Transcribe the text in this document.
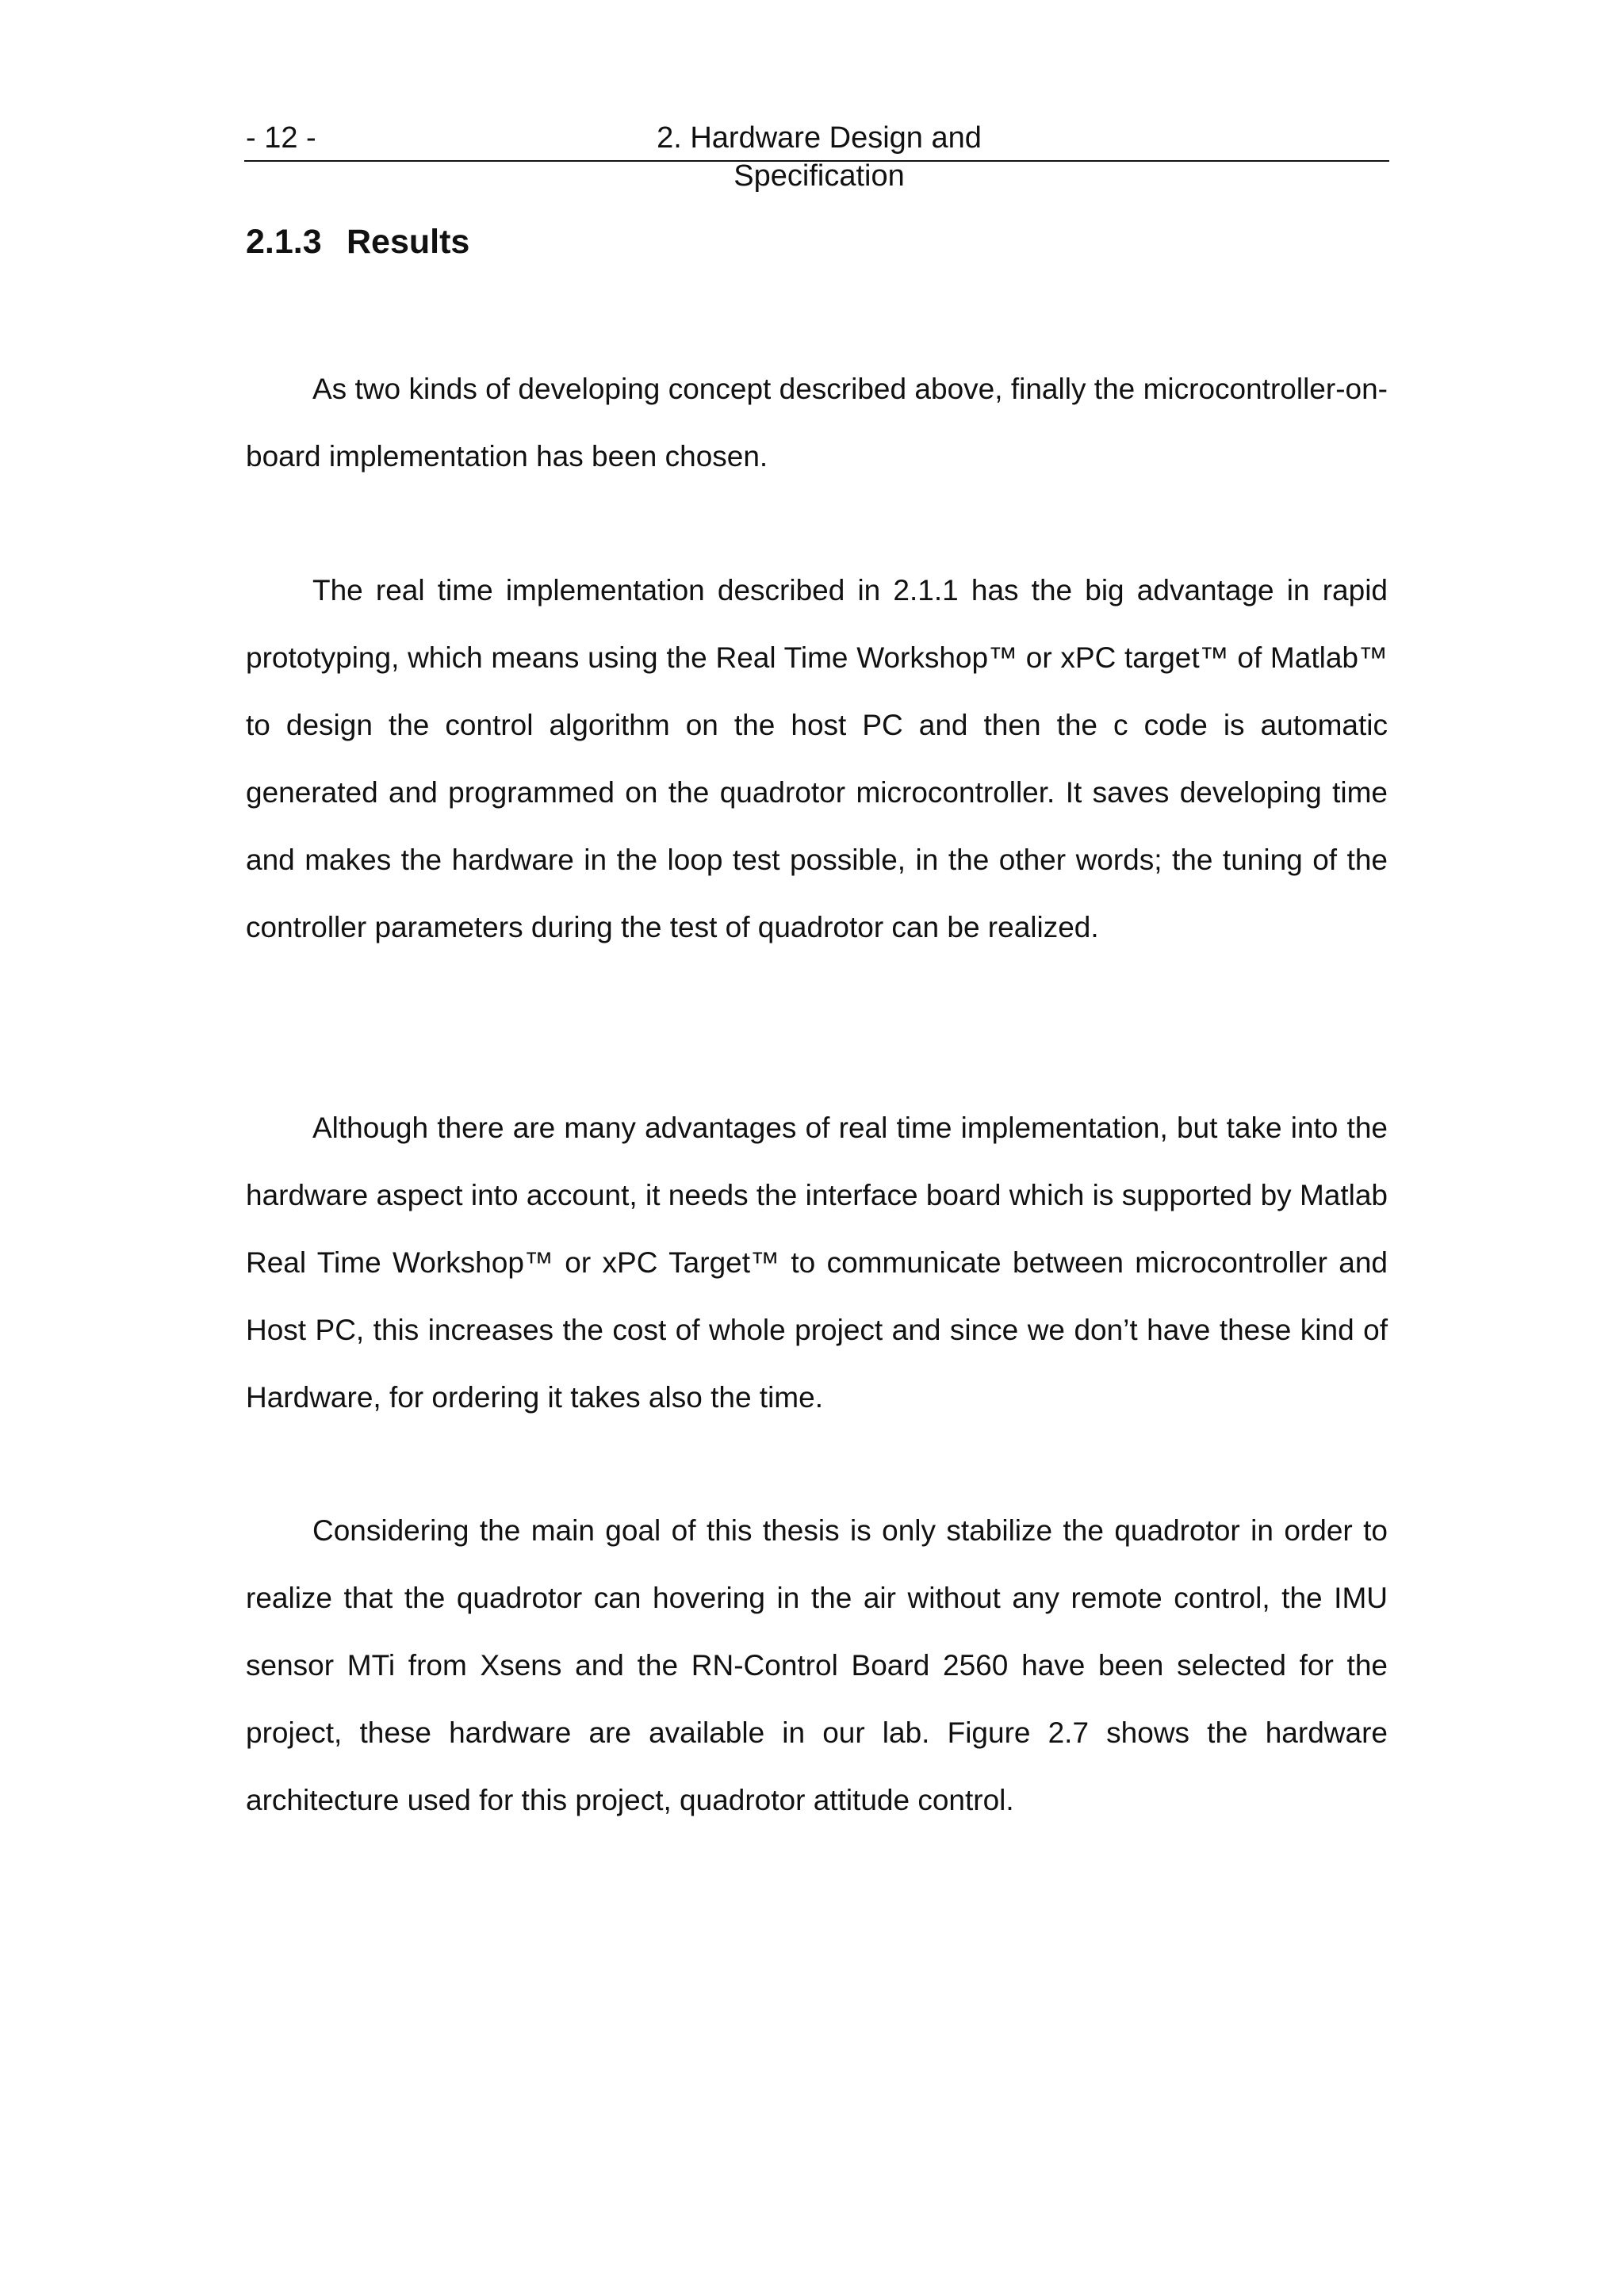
- 12 -	2. Hardware Design and Specification
2.1.3 Results

As two kinds of developing concept described above, finally the microcontroller-on-board implementation has been chosen.

The real time implementation described in 2.1.1 has the big advantage in rapid prototyping, which means using the Real Time Workshop™ or xPC target™ of Matlab™ to design the control algorithm on the host PC and then the c code is automatic generated and programmed on the quadrotor microcontroller. It saves developing time and makes the hardware in the loop test possible, in the other words; the tuning of the controller parameters during the test of quadrotor can be realized.

Although there are many advantages of real time implementation, but take into the hardware aspect into account, it needs the interface board which is supported by Matlab Real Time Workshop™ or xPC Target™ to communicate between microcontroller and Host PC, this increases the cost of whole project and since we don’t have these kind of Hardware, for ordering it takes also the time.

Considering the main goal of this thesis is only stabilize the quadrotor in order to realize that the quadrotor can hovering in the air without any remote control, the IMU sensor MTi from Xsens and the RN-Control Board 2560 have been selected for the project, these hardware are available in our lab. Figure 2.7 shows the hardware architecture used for this project, quadrotor attitude control.
